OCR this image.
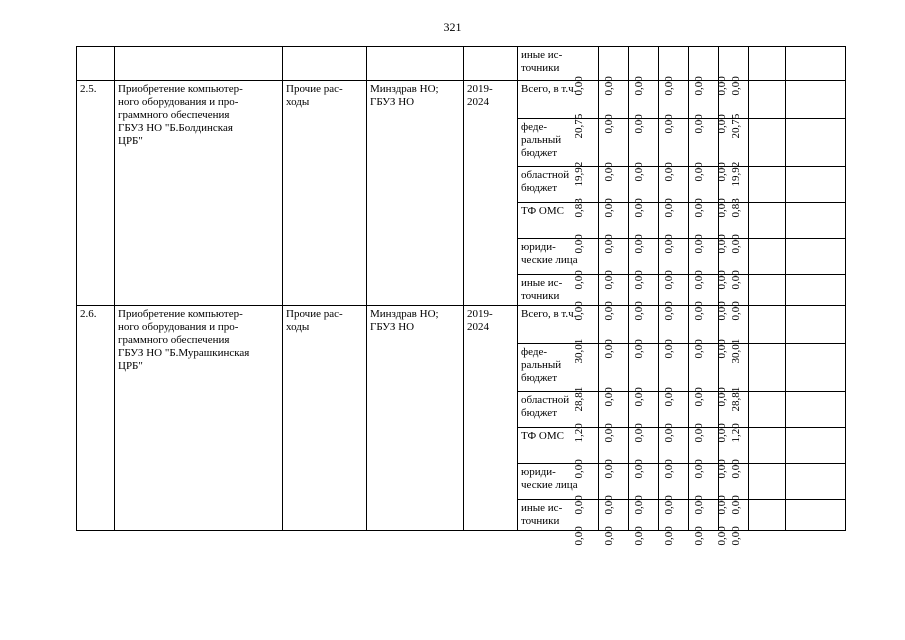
321
					иные ис-
точники	0,00	0,00	0,00	0,00	0,00	0,00	0,00

2.5.	Приобретение компьютер-
ного оборудования и про-
граммного обеспечения
ГБУЗ НО "Б.Болдинская
ЦРБ"	Прочие рас-
ходы	Минздрав НО;
ГБУЗ НО	2019-
2024	Всего, в т.ч.	20,75	0,00	0,00	0,00	0,00	0,00	20,75

					феде-
ральный
бюджет	19,92	0,00	0,00	0,00	0,00	0,00	19,92

					областной
бюджет	0,83	0,00	0,00	0,00	0,00	0,00	0,83

					ТФ ОМС	0,00	0,00	0,00	0,00	0,00	0,00	0,00

					юриди-
ческие лица	0,00	0,00	0,00	0,00	0,00	0,00	0,00

					иные ис-
точники	0,00	0,00	0,00	0,00	0,00	0,00	0,00

2.6.	Приобретение компьютер-
ного оборудования и про-
граммного обеспечения
ГБУЗ НО "Б.Мурашкинская
ЦРБ"	Прочие рас-
ходы	Минздрав НО;
ГБУЗ НО	2019-
2024	Всего, в т.ч.	30,01	0,00	0,00	0,00	0,00	0,00	30,01

					феде-
ральный
бюджет	28,81	0,00	0,00	0,00	0,00	0,00	28,81

					областной
бюджет	1,20	0,00	0,00	0,00	0,00	0,00	1,20

					ТФ ОМС	0,00	0,00	0,00	0,00	0,00	0,00	0,00

					юриди-
ческие лица	0,00	0,00	0,00	0,00	0,00	0,00	0,00

					иные ис-
точники	0,00	0,00	0,00	0,00	0,00	0,00	0,00
